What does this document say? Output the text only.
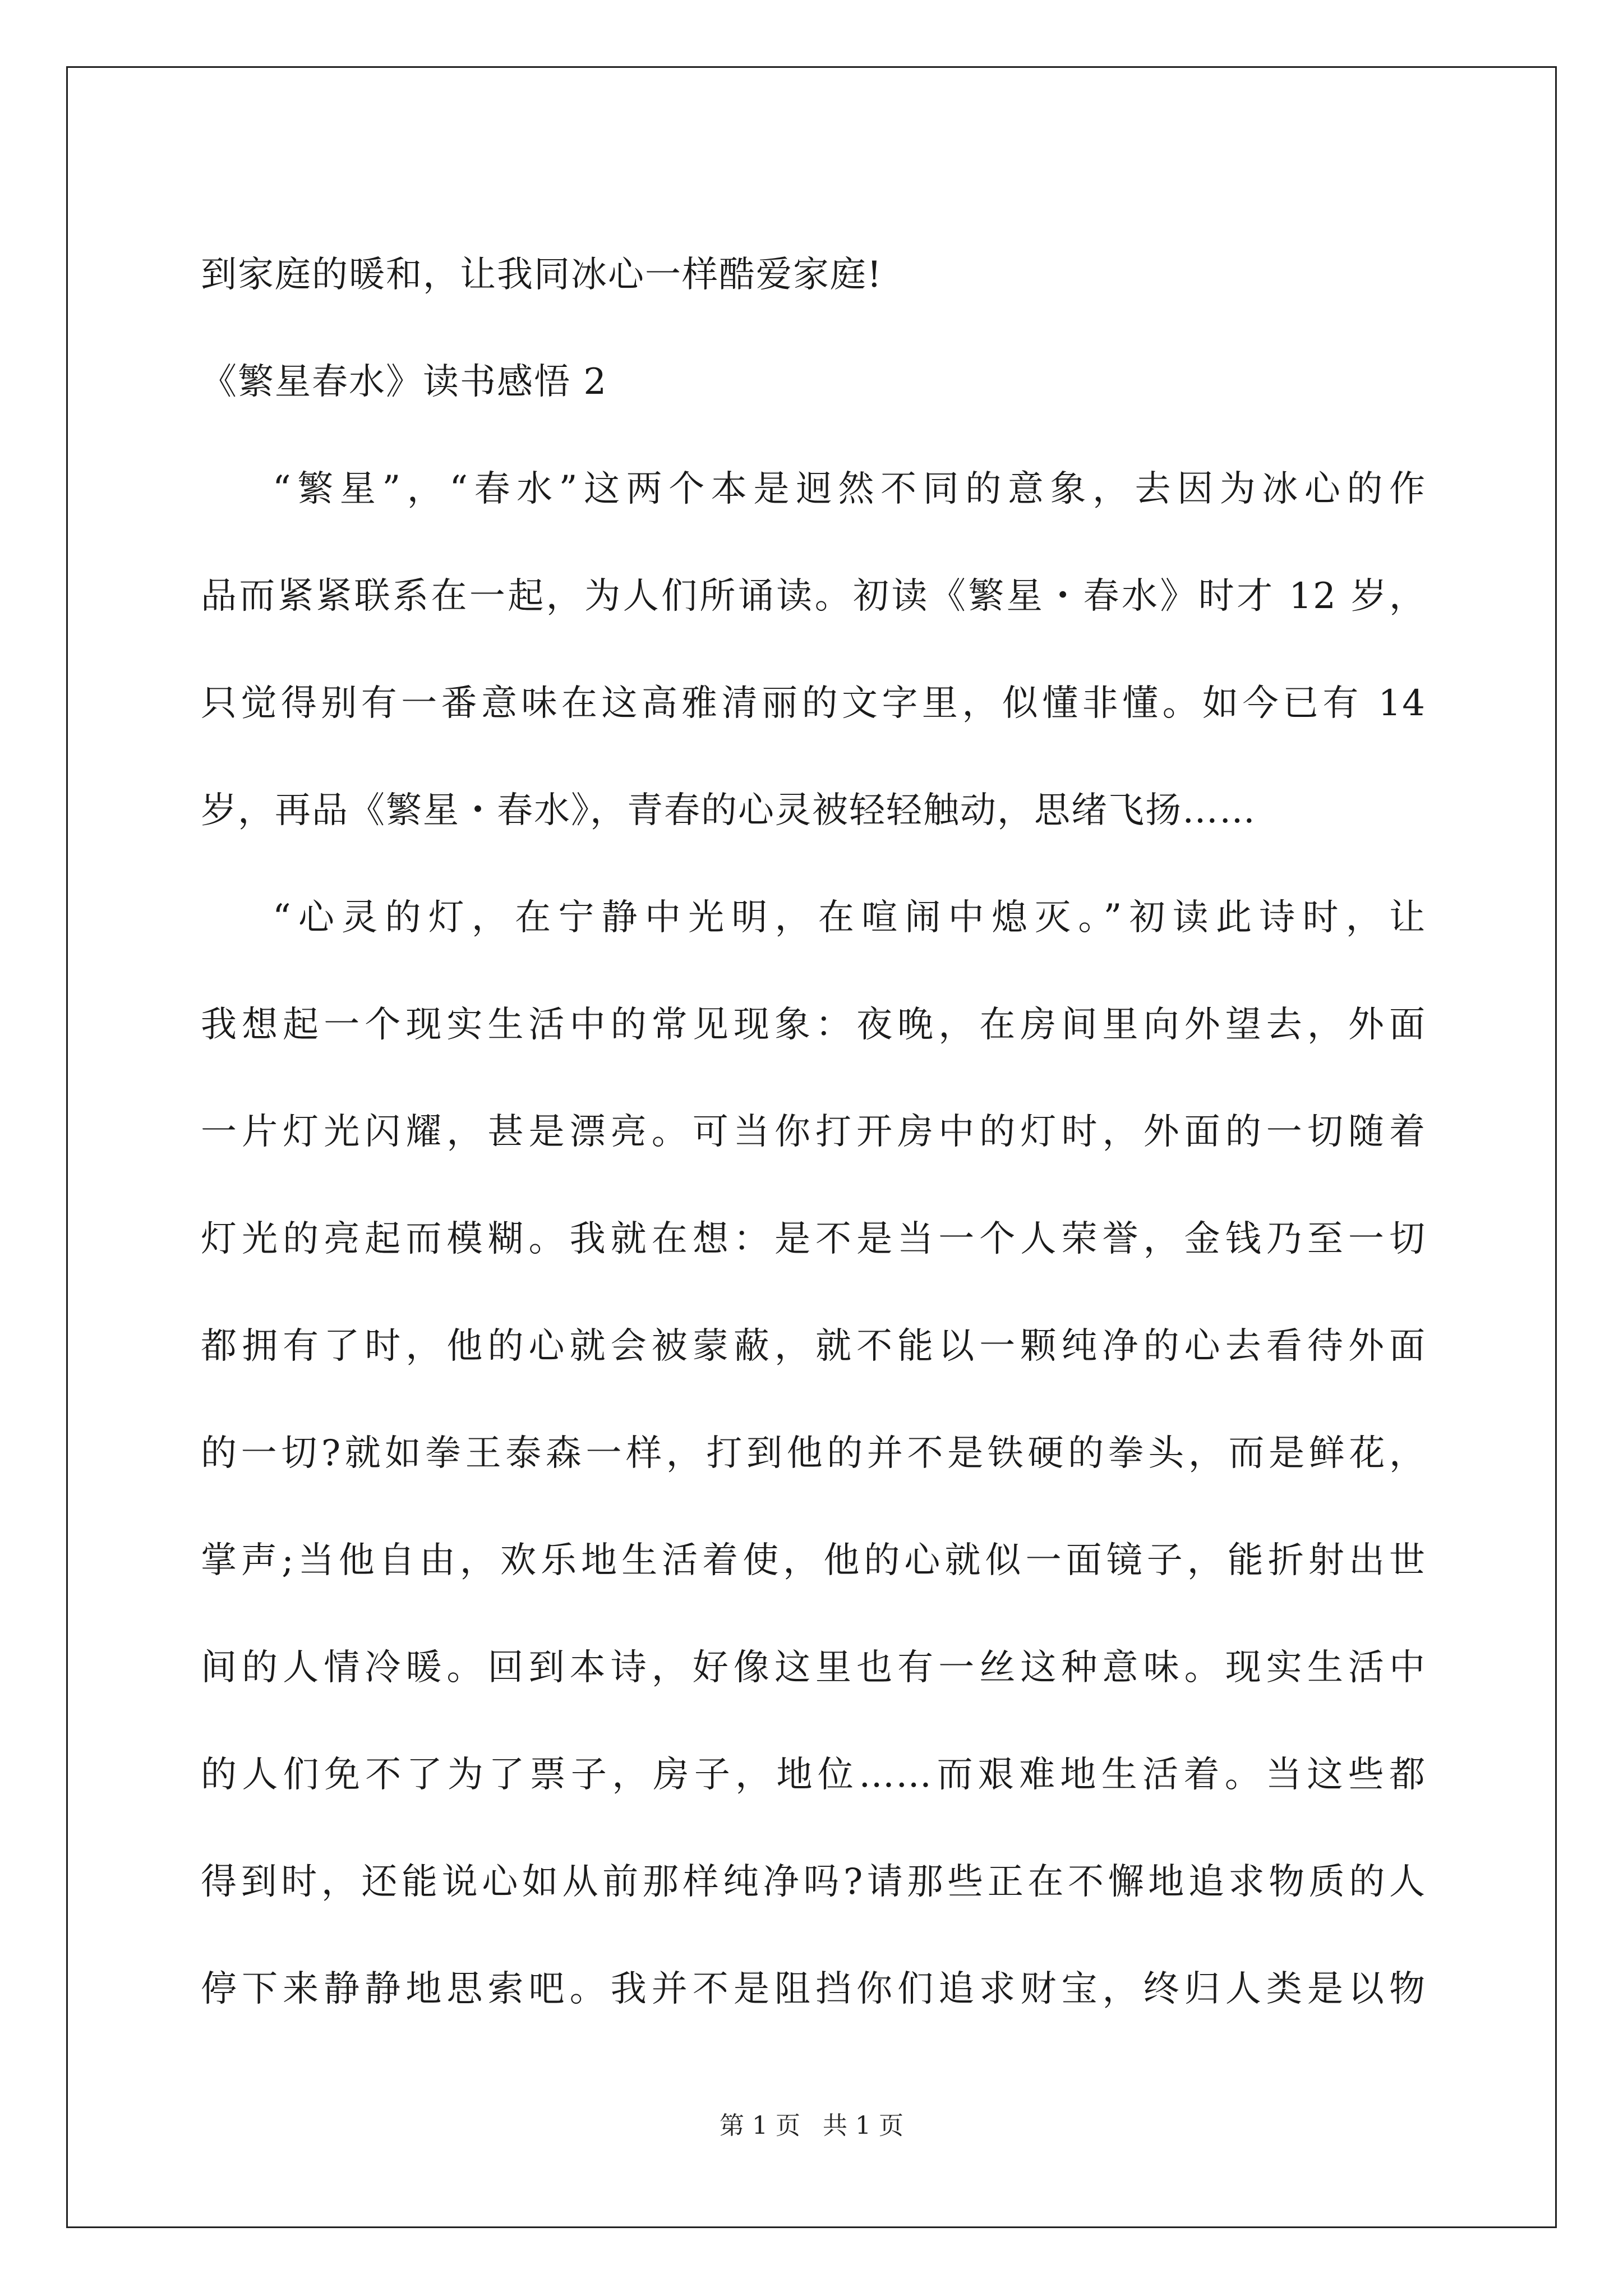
到家庭的暖和，让我同冰心一样酷爱家庭!

《繁星春水》读书感悟 2

“繁星”，“春水”这两个本是迥然不同的意象，去因为冰心的作

品而紧紧联系在一起，为人们所诵读。初读《繁星・春水》时才 12 岁，

只觉得别有一番意味在这高雅清丽的文字里，似懂非懂。如今已有 14

岁，再品《繁星・春水》，青春的心灵被轻轻触动，思绪飞扬……

“心灵的灯，在宁静中光明，在喧闹中熄灭。”初读此诗时，让

我想起一个现实生活中的常见现象：夜晚，在房间里向外望去，外面

一片灯光闪耀，甚是漂亮。可当你打开房中的灯时，外面的一切随着

灯光的亮起而模糊。我就在想：是不是当一个人荣誉，金钱乃至一切

都拥有了时，他的心就会被蒙蔽，就不能以一颗纯净的心去看待外面

的一切?就如拳王泰森一样，打到他的并不是铁硬的拳头，而是鲜花，

掌声;当他自由，欢乐地生活着使，他的心就似一面镜子，能折射出世

间的人情冷暖。回到本诗，好像这里也有一丝这种意味。现实生活中

的人们免不了为了票子，房子，地位……而艰难地生活着。当这些都

得到时，还能说心如从前那样纯净吗?请那些正在不懈地追求物质的人

停下来静静地思索吧。我并不是阻挡你们追求财宝，终归人类是以物

第 1 页 共 1 页
